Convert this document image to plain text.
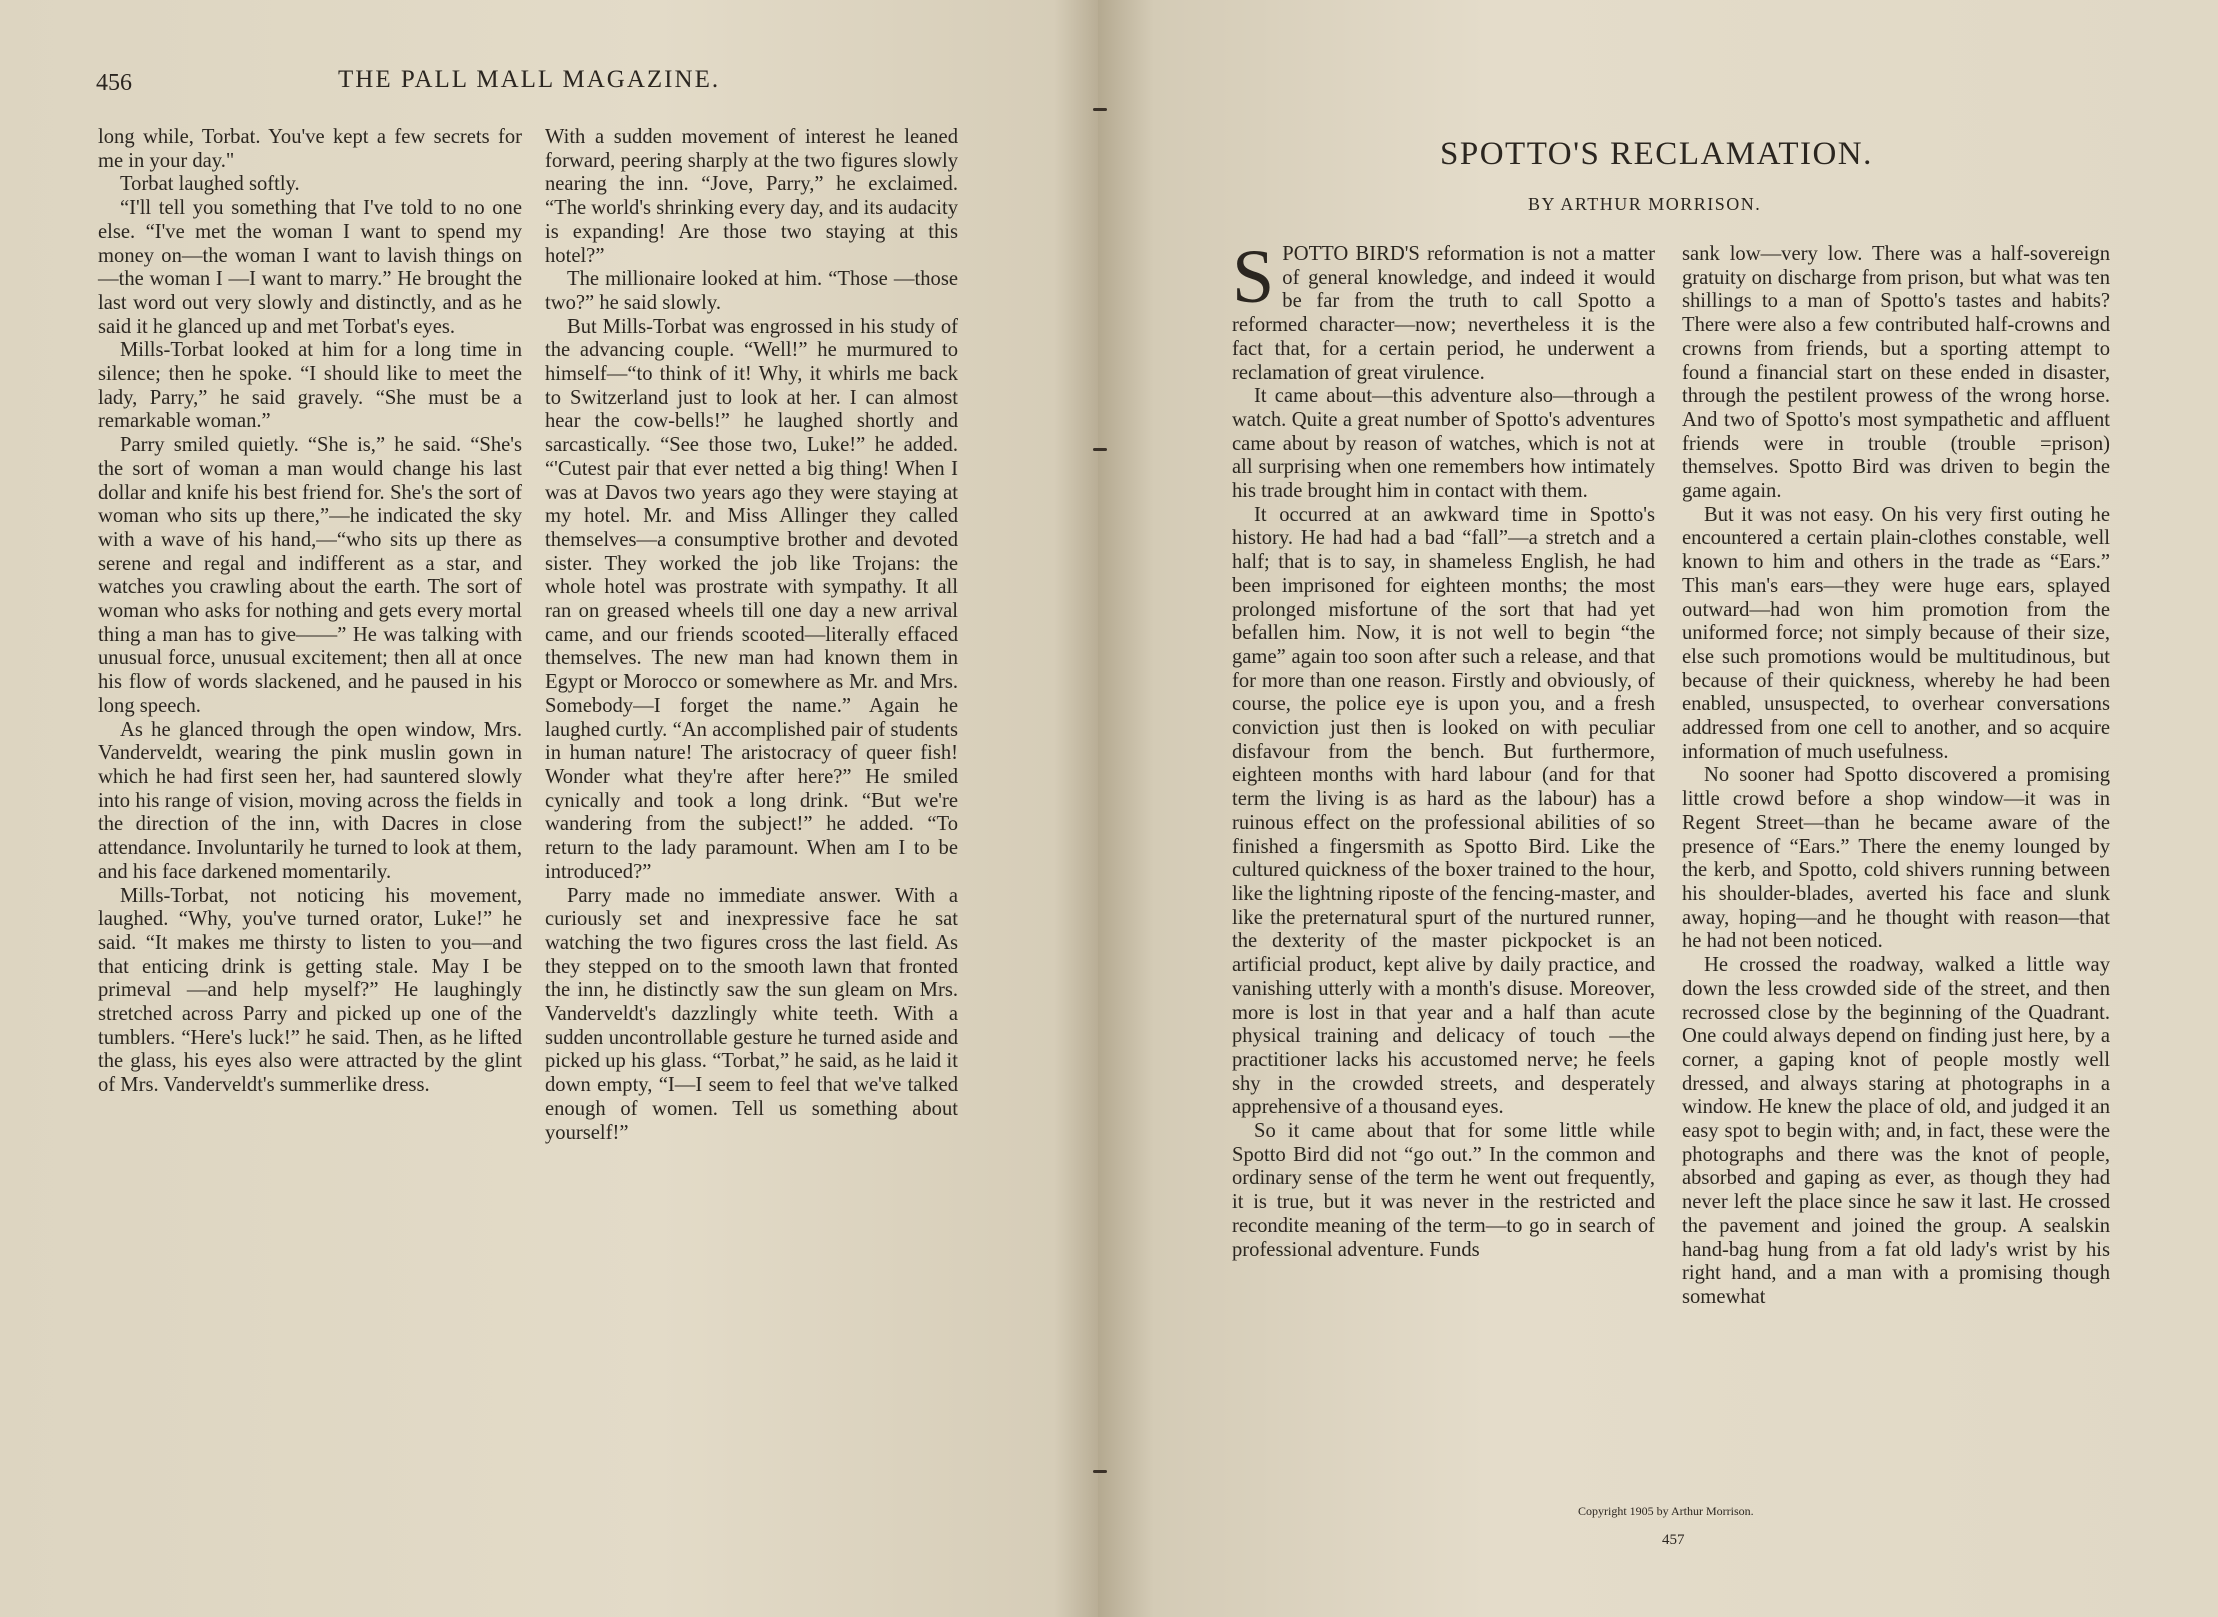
456	THE PALL MALL MAGAZINE.

long while, Torbat. You've kept a few secrets for me in your day."

Torbat laughed softly.

“I'll tell you something that I've told to no one else. “I've met the woman I want to spend my money on—the woman I want to lavish things on—the woman I —I want to marry.” He brought the last word out very slowly and distinctly, and as he said it he glanced up and met Torbat's eyes.

Mills-Torbat looked at him for a long time in silence; then he spoke. “I should like to meet the lady, Parry,” he said gravely. “She must be a remarkable woman.”

Parry smiled quietly. “She is,” he said. “She's the sort of woman a man would change his last dollar and knife his best friend for. She's the sort of woman who sits up there,”—he indicated the sky with a wave of his hand,—“who sits up there as serene and regal and indifferent as a star, and watches you crawling about the earth. The sort of woman who asks for nothing and gets every mortal thing a man has to give——” He was talking with unusual force, unusual excitement; then all at once his flow of words slackened, and he paused in his long speech.

As he glanced through the open window, Mrs. Vanderveldt, wearing the pink muslin gown in which he had first seen her, had sauntered slowly into his range of vision, moving across the fields in the direction of the inn, with Dacres in close attendance. Involuntarily he turned to look at them, and his face darkened momentarily.

Mills-Torbat, not noticing his movement, laughed. “Why, you've turned orator, Luke!” he said. “It makes me thirsty to listen to you—and that enticing drink is getting stale. May I be primeval —and help myself?” He laughingly stretched across Parry and picked up one of the tumblers. “Here's luck!” he said. Then, as he lifted the glass, his eyes also were attracted by the glint of Mrs. Vanderveldt's summerlike dress.

With a sudden movement of interest he leaned forward, peering sharply at the two figures slowly nearing the inn. “Jove, Parry,” he exclaimed. “The world's shrinking every day, and its audacity is expanding! Are those two staying at this hotel?”

The millionaire looked at him. “Those —those two?” he said slowly.

But Mills-Torbat was engrossed in his study of the advancing couple. “Well!” he murmured to himself—“to think of it! Why, it whirls me back to Switzerland just to look at her. I can almost hear the cow-bells!” he laughed shortly and sarcastically. “See those two, Luke!” he added. “'Cutest pair that ever netted a big thing! When I was at Davos two years ago they were staying at my hotel. Mr. and Miss Allinger they called themselves—a consumptive brother and devoted sister. They worked the job like Trojans: the whole hotel was prostrate with sympathy. It all ran on greased wheels till one day a new arrival came, and our friends scooted—literally effaced themselves. The new man had known them in Egypt or Morocco or somewhere as Mr. and Mrs. Somebody—I forget the name.” Again he laughed curtly. “An accomplished pair of students in human nature! The aristocracy of queer fish! Wonder what they're after here?” He smiled cynically and took a long drink. “But we're wandering from the subject!” he added. “To return to the lady paramount. When am I to be introduced?”

Parry made no immediate answer. With a curiously set and inexpressive face he sat watching the two figures cross the last field. As they stepped on to the smooth lawn that fronted the inn, he distinctly saw the sun gleam on Mrs. Vanderveldt's dazzlingly white teeth. With a sudden uncontrollable gesture he turned aside and picked up his glass. “Torbat,” he said, as he laid it down empty, “I—I seem to feel that we've talked enough of women. Tell us something about yourself!”

SPOTTO'S RECLAMATION.
BY ARTHUR MORRISON.

SPOTTO BIRD'S reformation is not a matter of general knowledge, and indeed it would be far from the truth to call Spotto a reformed character—now; nevertheless it is the fact that, for a certain period, he underwent a reclamation of great virulence.

It came about—this adventure also—through a watch. Quite a great number of Spotto's adventures came about by reason of watches, which is not at all surprising when one remembers how intimately his trade brought him in contact with them.

It occurred at an awkward time in Spotto's history. He had had a bad “fall”—a stretch and a half; that is to say, in shameless English, he had been imprisoned for eighteen months; the most prolonged misfortune of the sort that had yet befallen him. Now, it is not well to begin “the game” again too soon after such a release, and that for more than one reason. Firstly and obviously, of course, the police eye is upon you, and a fresh conviction just then is looked on with peculiar disfavour from the bench. But furthermore, eighteen months with hard labour (and for that term the living is as hard as the labour) has a ruinous effect on the professional abilities of so finished a fingersmith as Spotto Bird. Like the cultured quickness of the boxer trained to the hour, like the lightning riposte of the fencing-master, and like the preternatural spurt of the nurtured runner, the dexterity of the master pickpocket is an artificial product, kept alive by daily practice, and vanishing utterly with a month's disuse. Moreover, more is lost in that year and a half than acute physical training and delicacy of touch —the practitioner lacks his accustomed nerve; he feels shy in the crowded streets, and desperately apprehensive of a thousand eyes.

So it came about that for some little while Spotto Bird did not “go out.” In the common and ordinary sense of the term he went out frequently, it is true, but it was never in the restricted and recondite meaning of the term—to go in search of professional adventure. Funds

sank low—very low. There was a half-sovereign gratuity on discharge from prison, but what was ten shillings to a man of Spotto's tastes and habits? There were also a few contributed half-crowns and crowns from friends, but a sporting attempt to found a financial start on these ended in disaster, through the pestilent prowess of the wrong horse. And two of Spotto's most sympathetic and affluent friends were in trouble (trouble =prison) themselves. Spotto Bird was driven to begin the game again.

But it was not easy. On his very first outing he encountered a certain plain-clothes constable, well known to him and others in the trade as “Ears.” This man's ears—they were huge ears, splayed outward—had won him promotion from the uniformed force; not simply because of their size, else such promotions would be multitudinous, but because of their quickness, whereby he had been enabled, unsuspected, to overhear conversations addressed from one cell to another, and so acquire information of much usefulness.

No sooner had Spotto discovered a promising little crowd before a shop window—it was in Regent Street—than he became aware of the presence of “Ears.” There the enemy lounged by the kerb, and Spotto, cold shivers running between his shoulder-blades, averted his face and slunk away, hoping—and he thought with reason—that he had not been noticed.

He crossed the roadway, walked a little way down the less crowded side of the street, and then recrossed close by the beginning of the Quadrant. One could always depend on finding just here, by a corner, a gaping knot of people mostly well dressed, and always staring at photographs in a window. He knew the place of old, and judged it an easy spot to begin with; and, in fact, these were the photographs and there was the knot of people, absorbed and gaping as ever, as though they had never left the place since he saw it last. He crossed the pavement and joined the group. A sealskin hand-bag hung from a fat old lady's wrist by his right hand, and a man with a promising though somewhat

Copyright 1905 by Arthur Morrison.
457
